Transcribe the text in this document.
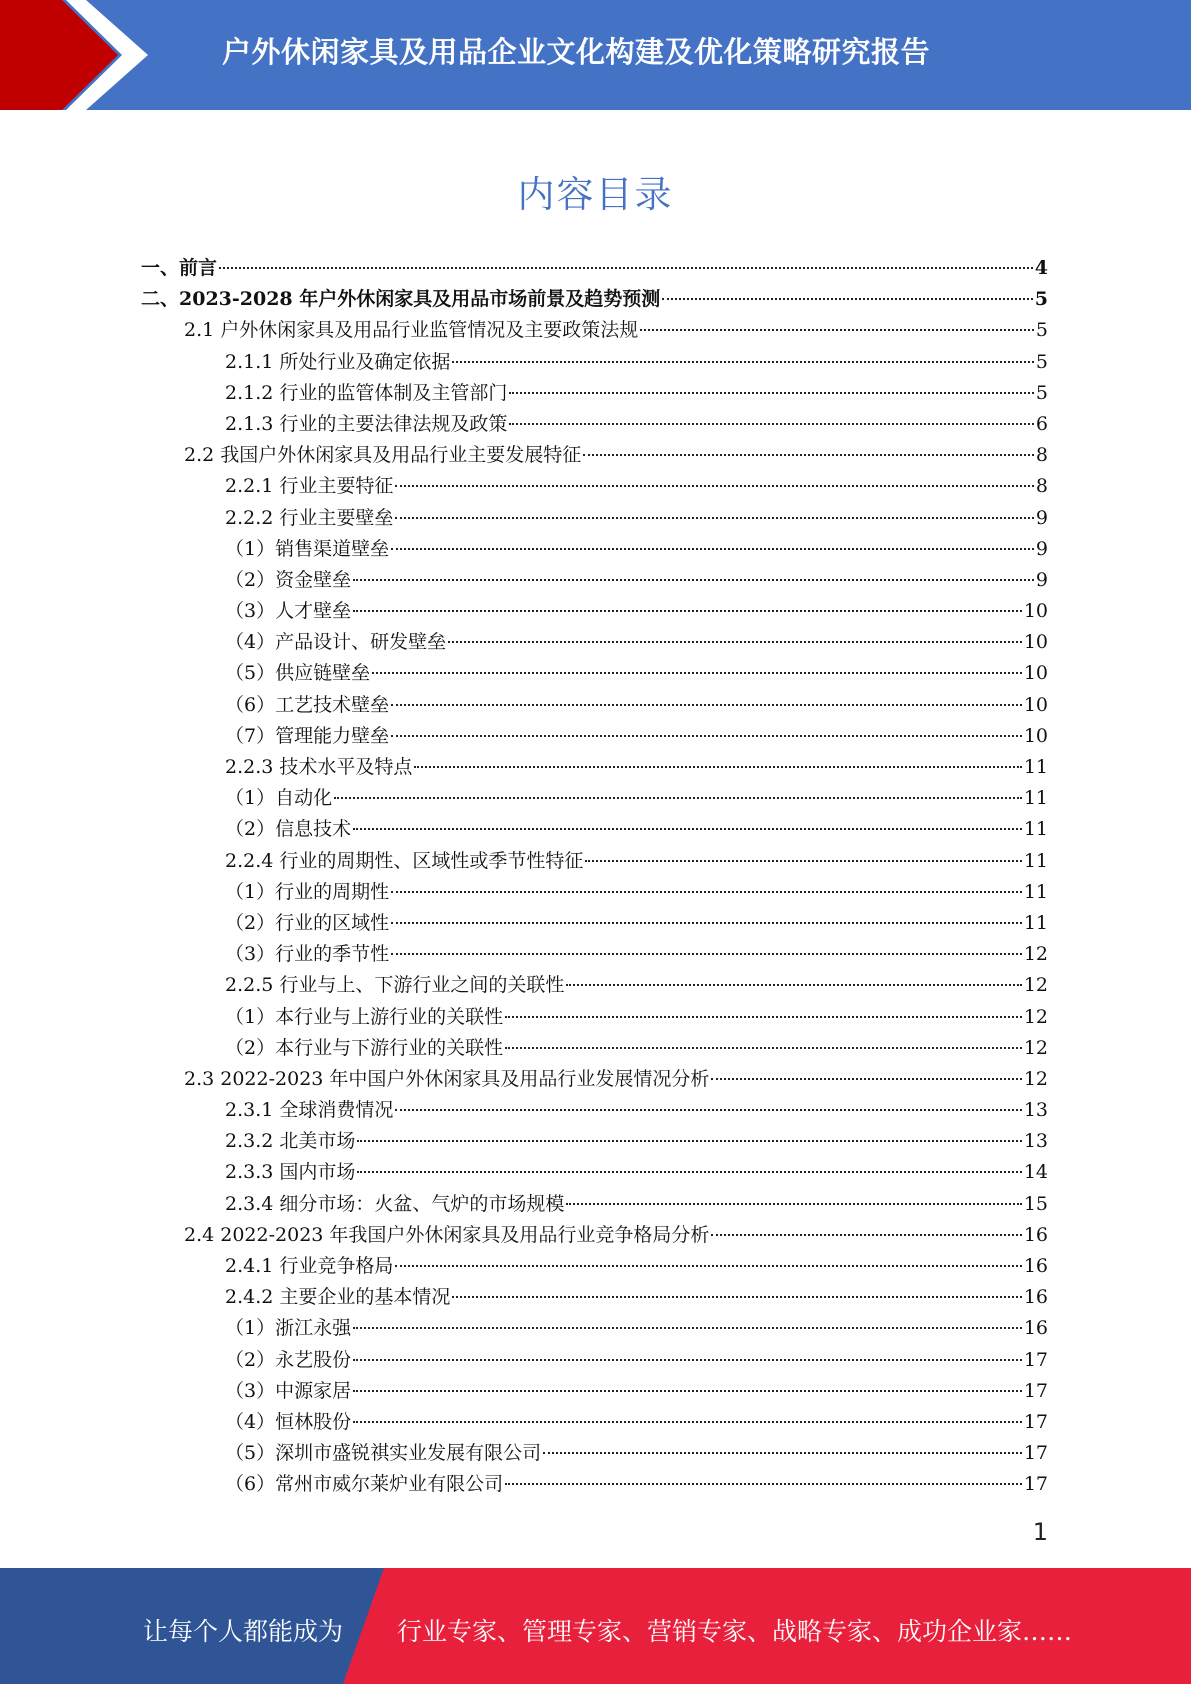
户外休闲家具及用品企业文化构建及优化策略研究报告
内容目录
一、前言	4
二、2023-2028 年户外休闲家具及用品市场前景及趋势预测	5
2.1 户外休闲家具及用品行业监管情况及主要政策法规	5
2.1.1 所处行业及确定依据	5
2.1.2 行业的监管体制及主管部门	5
2.1.3 行业的主要法律法规及政策	6
2.2 我国户外休闲家具及用品行业主要发展特征	8
2.2.1 行业主要特征	8
2.2.2 行业主要壁垒	9
（1）销售渠道壁垒	9
（2）资金壁垒	9
（3）人才壁垒	10
（4）产品设计、研发壁垒	10
（5）供应链壁垒	10
（6）工艺技术壁垒	10
（7）管理能力壁垒	10
2.2.3 技术水平及特点	11
（1）自动化	11
（2）信息技术	11
2.2.4 行业的周期性、区域性或季节性特征	11
（1）行业的周期性	11
（2）行业的区域性	11
（3）行业的季节性	12
2.2.5 行业与上、下游行业之间的关联性	12
（1）本行业与上游行业的关联性	12
（2）本行业与下游行业的关联性	12
2.3 2022-2023 年中国户外休闲家具及用品行业发展情况分析	12
2.3.1 全球消费情况	13
2.3.2 北美市场	13
2.3.3 国内市场	14
2.3.4 细分市场：火盆、气炉的市场规模	15
2.4 2022-2023 年我国户外休闲家具及用品行业竞争格局分析	16
2.4.1 行业竞争格局	16
2.4.2 主要企业的基本情况	16
（1）浙江永强	16
（2）永艺股份	17
（3）中源家居	17
（4）恒林股份	17
（5）深圳市盛锐祺实业发展有限公司	17
（6）常州市威尔莱炉业有限公司	17
1
让每个人都能成为 行业专家、管理专家、营销专家、战略专家、成功企业家……
